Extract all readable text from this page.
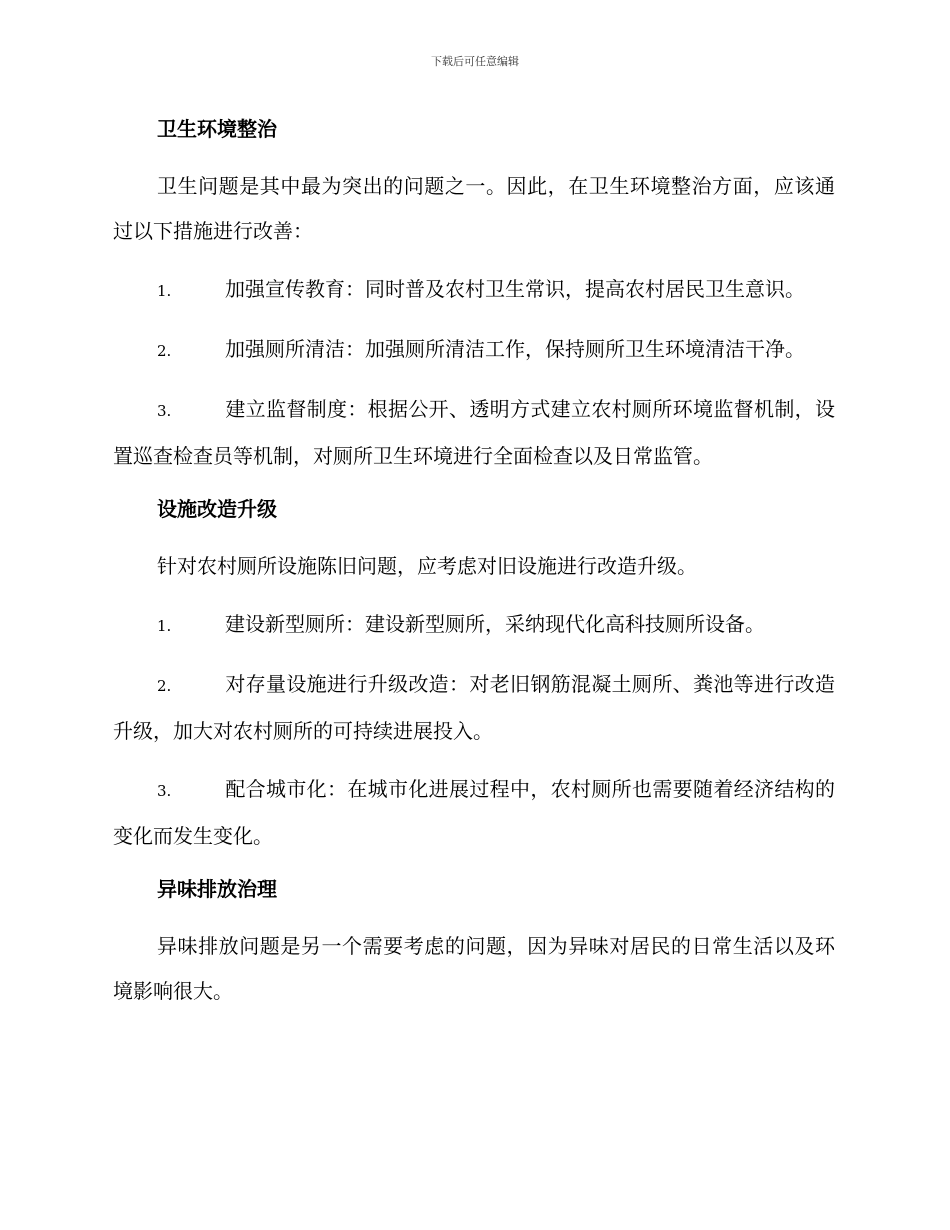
下载后可任意编辑
卫生环境整治

卫生问题是其中最为突出的问题之一。因此，在卫生环境整治方面，应该通过以下措施进行改善：

1.	加强宣传教育：同时普及农村卫生常识，提高农村居民卫生意识。

2.	加强厕所清洁：加强厕所清洁工作，保持厕所卫生环境清洁干净。

3.	建立监督制度：根据公开、透明方式建立农村厕所环境监督机制，设置巡查检查员等机制，对厕所卫生环境进行全面检查以及日常监管。

设施改造升级

针对农村厕所设施陈旧问题，应考虑对旧设施进行改造升级。

1.	建设新型厕所：建设新型厕所，采纳现代化高科技厕所设备。

2.	对存量设施进行升级改造：对老旧钢筋混凝土厕所、粪池等进行改造升级，加大对农村厕所的可持续进展投入。

3.	配合城市化：在城市化进展过程中，农村厕所也需要随着经济结构的变化而发生变化。

异味排放治理

异味排放问题是另一个需要考虑的问题，因为异味对居民的日常生活以及环境影响很大。
